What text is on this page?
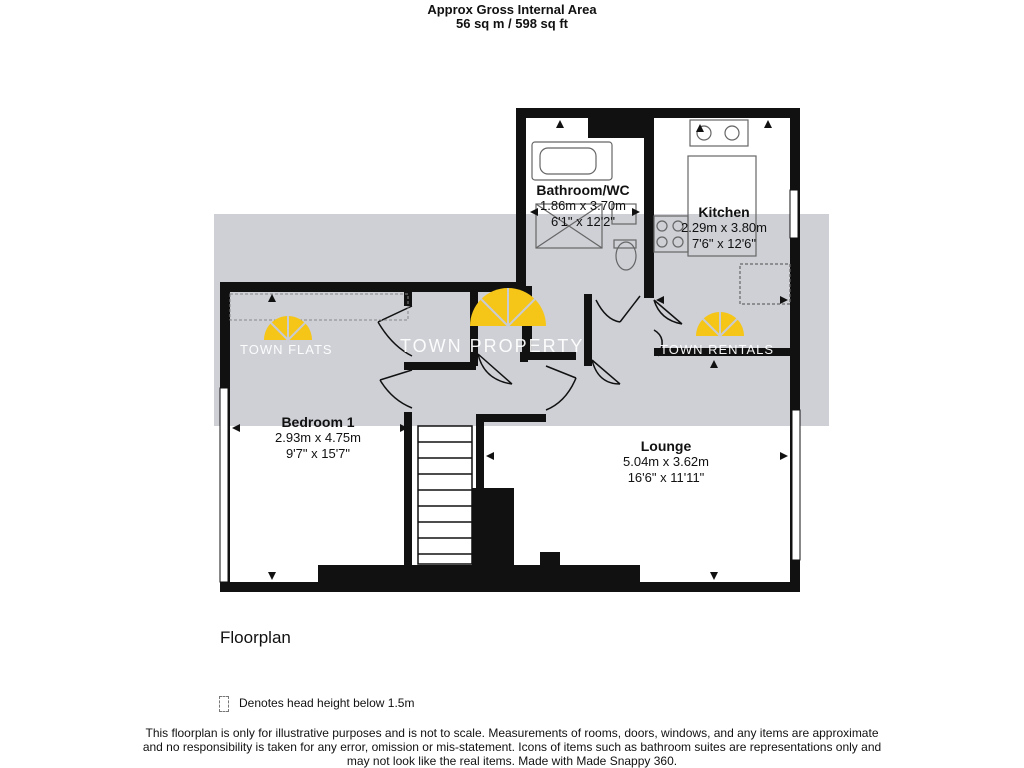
Approx Gross Internal Area
56 sq m / 598 sq ft
TOWN FLATS	TOWN PROPERTY	TOWN RENTALS
Bathroom/WC
1.86m x 3.70m
6'1" x 12'2"
Kitchen
2.29m x 3.80m
7'6" x 12'6"
Bedroom 1
2.93m x 4.75m
9'7" x 15'7"	Lounge
5.04m x 3.62m
16'6" x 11'11"
Floorplan
Denotes head height below 1.5m
This floorplan is only for illustrative purposes and is not to scale. Measurements of rooms, doors, windows, and any items are approximate
and no responsibility is taken for any error, omission or mis-statement. Icons of items such as bathroom suites are representations only and
may not look like the real items. Made with Made Snappy 360.
